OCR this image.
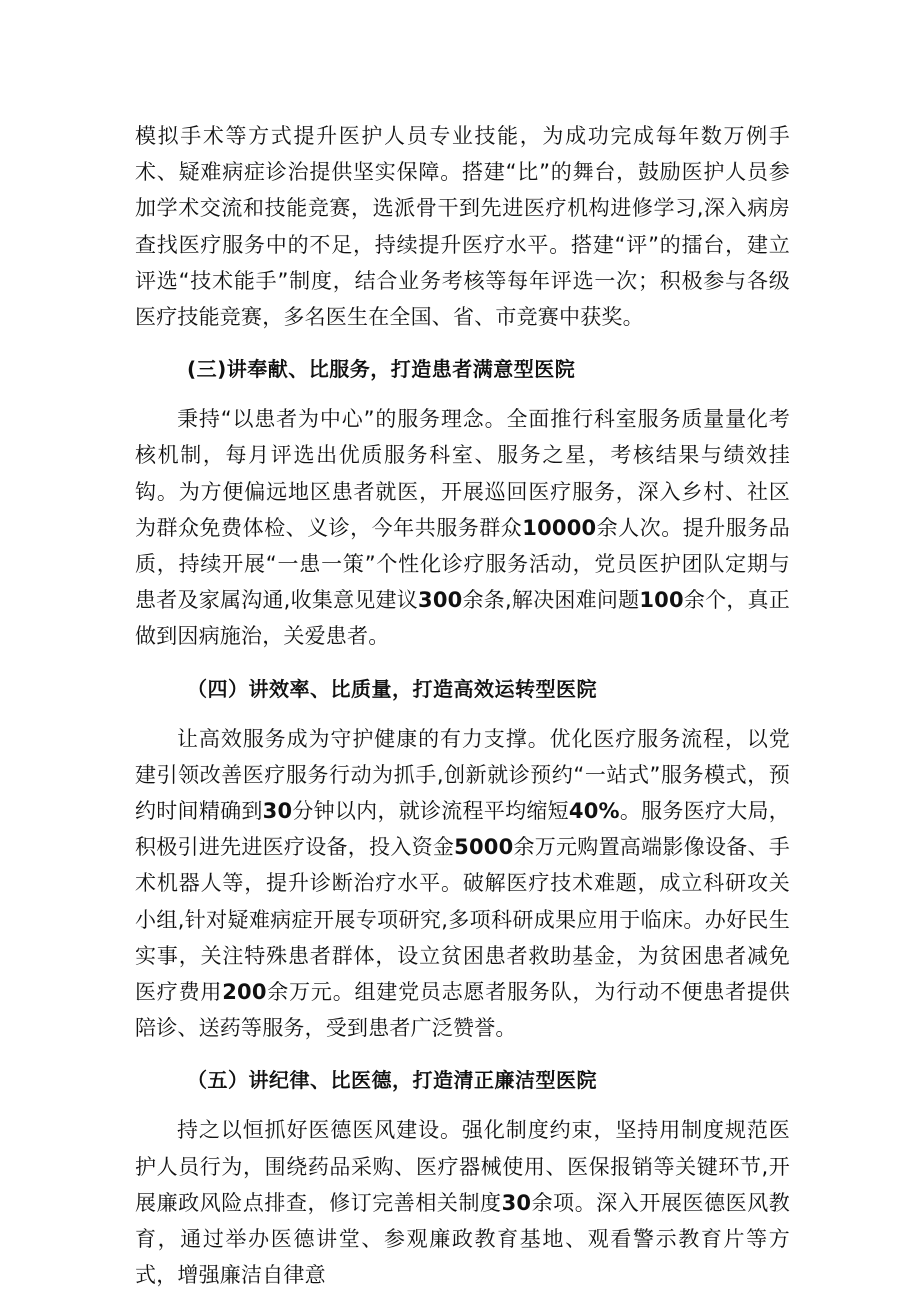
模拟手术等方式提升医护人员专业技能，为成功完成每年数万例手术、疑难病症诊治提供坚实保障。搭建“比”的舞台，鼓励医护人员参加学术交流和技能竞赛，选派骨干到先进医疗机构进修学习,深入病房查找医疗服务中的不足，持续提升医疗水平。搭建“评”的擂台，建立评选“技术能手”制度，结合业务考核等每年评选一次；积极参与各级医疗技能竞赛，多名医生在全国、省、市竞赛中获奖。

(三)讲奉献、比服务，打造患者满意型医院

秉持“以患者为中心”的服务理念。全面推行科室服务质量量化考核机制，每月评选出优质服务科室、服务之星，考核结果与绩效挂钩。为方便偏远地区患者就医，开展巡回医疗服务，深入乡村、社区为群众免费体检、义诊，今年共服务群众10000余人次。提升服务品质，持续开展“一患一策”个性化诊疗服务活动，党员医护团队定期与患者及家属沟通,收集意见建议300余条,解决困难问题100余个，真正做到因病施治，关爱患者。

（四）讲效率、比质量，打造高效运转型医院

让高效服务成为守护健康的有力支撑。优化医疗服务流程，以党建引领改善医疗服务行动为抓手,创新就诊预约“一站式”服务模式，预约时间精确到30分钟以内，就诊流程平均缩短40%。服务医疗大局，积极引进先进医疗设备，投入资金5000余万元购置高端影像设备、手术机器人等，提升诊断治疗水平。破解医疗技术难题，成立科研攻关小组,针对疑难病症开展专项研究,多项科研成果应用于临床。办好民生实事，关注特殊患者群体，设立贫困患者救助基金，为贫困患者减免医疗费用200余万元。组建党员志愿者服务队，为行动不便患者提供陪诊、送药等服务，受到患者广泛赞誉。

（五）讲纪律、比医德，打造清正廉洁型医院

持之以恒抓好医德医风建设。强化制度约束，坚持用制度规范医护人员行为，围绕药品采购、医疗器械使用、医保报销等关键环节,开展廉政风险点排查，修订完善相关制度30余项。深入开展医德医风教育，通过举办医德讲堂、参观廉政教育基地、观看警示教育片等方式，增强廉洁自律意
